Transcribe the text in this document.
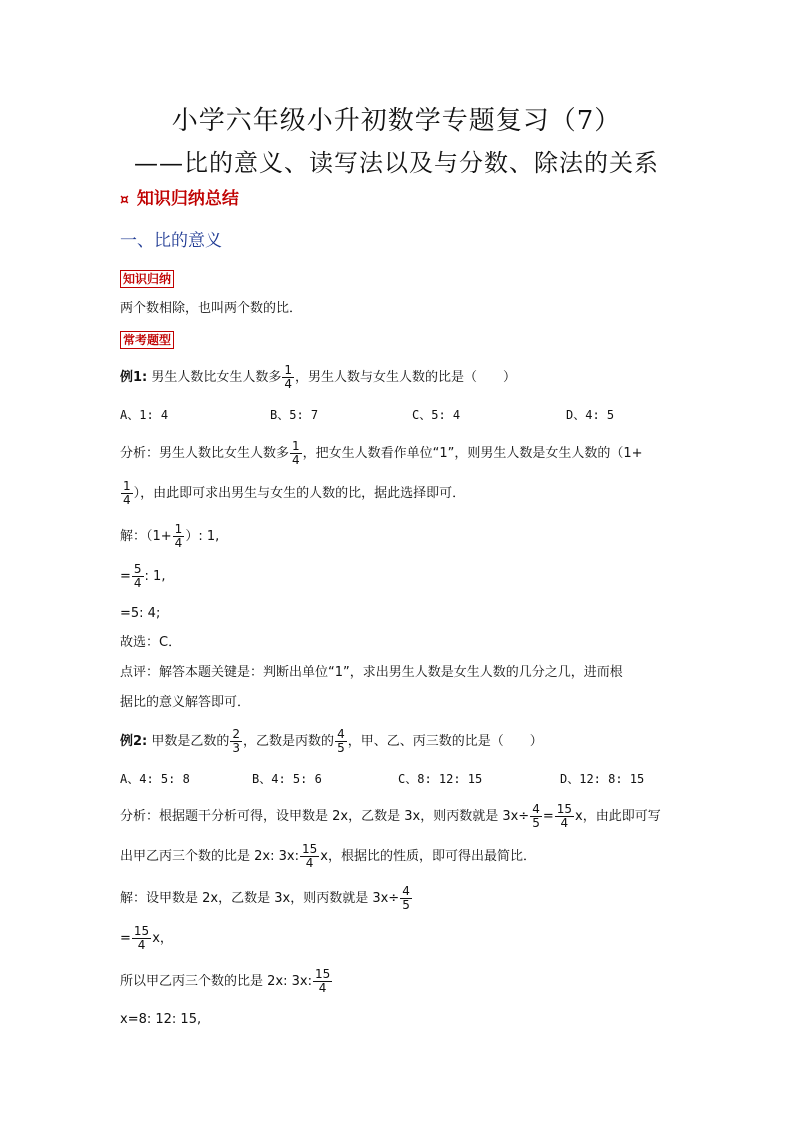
小学六年级小升初数学专题复习（7）
——比的意义、读写法以及与分数、除法的关系
¤ 知识归纳总结
一、比的意义
知识归纳
两个数相除，也叫两个数的比．
常考题型
例1: 男生人数比女生人数多 $\frac{1}{4}$ ，男生人数与女生人数的比是（　　）
A、1: 4	B、5: 7	C、5: 4	D、4: 5
分析：男生人数比女生人数多 $\frac{1}{4}$ ，把女生人数看作单位“1”，则男生人数是女生人数的（1+
$\frac{1}{4}$ ），由此即可求出男生与女生的人数的比，据此选择即可．
解：（$1+ \frac{1}{4}$ ）: 1,
= $\frac{5}{4}$ : 1,
=5: 4;
故选：C．
点评：解答本题关键是：判断出单位“1”，求出男生人数是女生人数的几分之几，进而根
据比的意义解答即可．
例2: 甲数是乙数的 $\frac{2}{3}$ ，乙数是丙数的 $\frac{4}{5}$ ，甲、乙、丙三数的比是（　　）
A、4: 5: 8	B、4: 5: 6	C、8: 12: 15	D、12: 8: 15
分析：根据题干分析可得，设甲数是 2x，乙数是 3x，则丙数就是 $3x\div \frac{4}{5} = \frac{15}{4}$ x，由此即可写
出甲乙丙三个数的比是 2x: 3x: $\frac{15}{4}$ x，根据比的性质，即可得出最简比．
解：设甲数是 2x，乙数是 3x，则丙数就是 $3x\div \frac{4}{5}$
= $\frac{15}{4}$ x，
所以甲乙丙三个数的比是 2x: 3x: $\frac{15}{4}$
x=8: 12: 15,
